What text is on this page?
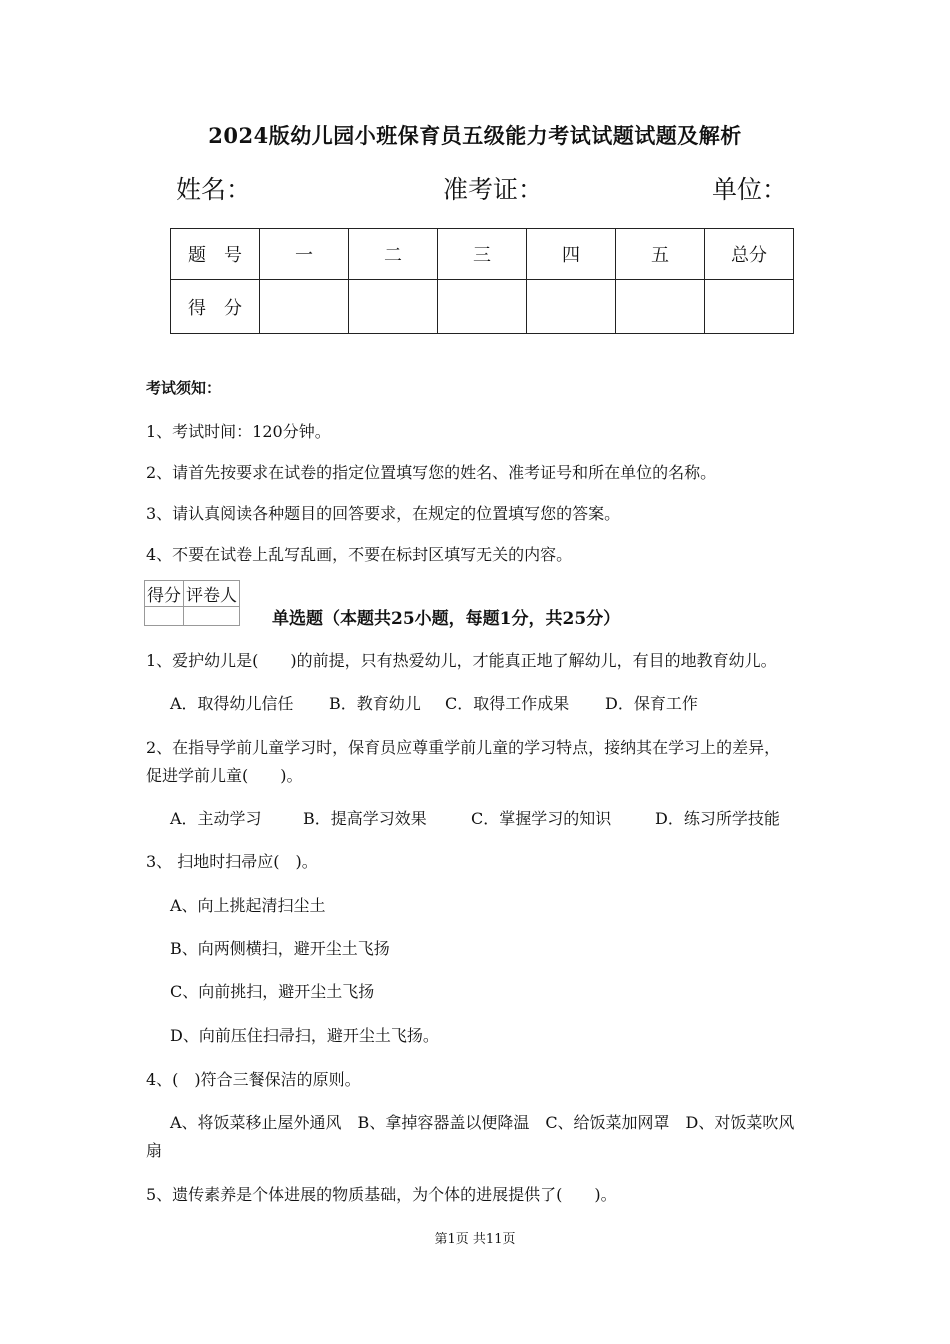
2024版幼儿园小班保育员五级能力考试试题试题及解析
姓名：	准考证：	单位：
题　号	一	二	三	四	五	总分
得　分						
考试须知：
1、考试时间：120分钟。
2、请首先按要求在试卷的指定位置填写您的姓名、准考证号和所在单位的名称。
3、请认真阅读各种题目的回答要求，在规定的位置填写您的答案。
4、不要在试卷上乱写乱画，不要在标封区填写无关的内容。
得分	评卷人

单选题（本题共25小题，每题1分，共25分）
1、爱护幼儿是(　　)的前提，只有热爱幼儿，才能真正地了解幼儿，有目的地教育幼儿。
A．取得幼儿信任 B．教育幼儿 C．取得工作成果 D．保育工作
2、在指导学前儿童学习时，保育员应尊重学前儿童的学习特点，接纳其在学习上的差异，
促进学前儿童(　　)。
A．主动学习	B．提高学习效果	C．掌握学习的知识	D．练习所学技能
3、 扫地时扫帚应(　)。
A、向上挑起清扫尘土
B、向两侧横扫，避开尘土飞扬
C、向前挑扫，避开尘土飞扬
D、向前压住扫帚扫，避开尘土飞扬。
4、(　)符合三餐保洁的原则。
A、将饭菜移止屋外通风　B、拿掉容器盖以便降温　C、给饭菜加网罩　D、对饭菜吹风
扇
5、遗传素养是个体进展的物质基础，为个体的进展提供了(　　)。
第1页 共11页
